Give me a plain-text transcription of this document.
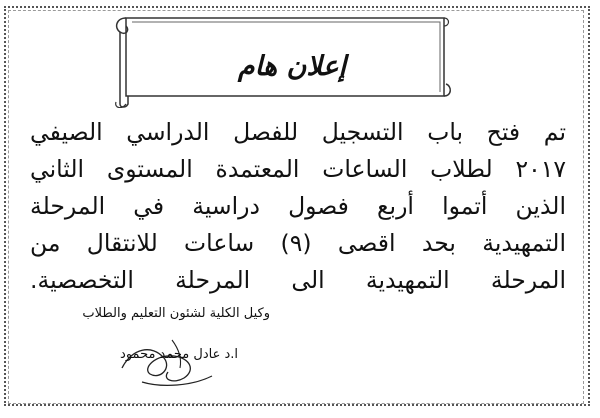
إعلان هام
تم فتح باب التسجيل للفصل الدراسي الصيفي
٢٠١٧ لطلاب الساعات المعتمدة المستوى الثاني
الذين أتموا أربع فصول دراسية في المرحلة
التمهيدية بحد اقصى (٩) ساعات للانتقال من
المرحلة التمهيدية الى المرحلة التخصصية.
وكيل الكلية لشئون التعليم والطلاب
ا.د عادل محمد محمود
